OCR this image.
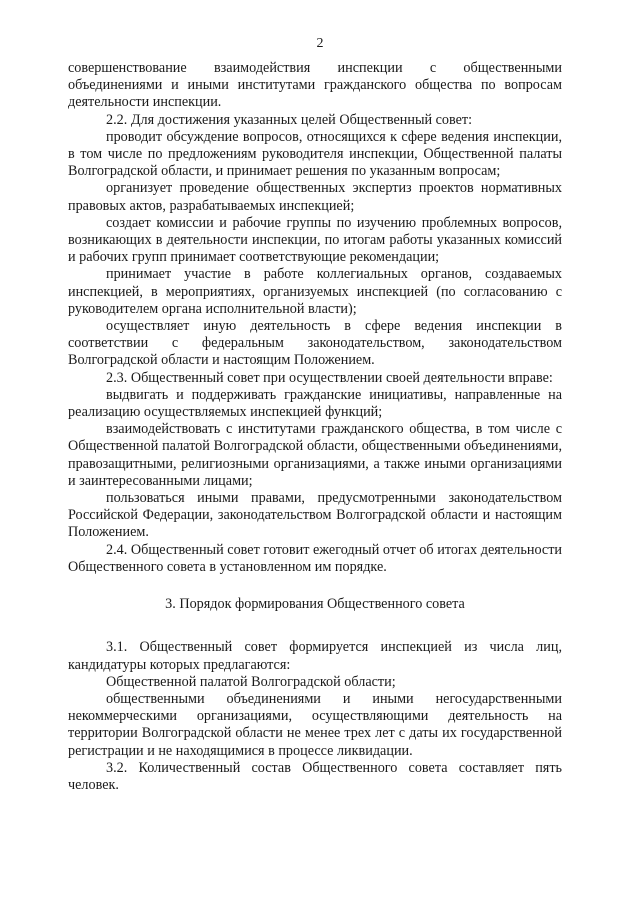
2

совершенствование взаимодействия инспекции с общественными объединениями и иными институтами гражданского общества по вопросам деятельности инспекции.

2.2. Для достижения указанных целей Общественный совет:

проводит обсуждение вопросов, относящихся к сфере ведения инспекции, в том числе по предложениям руководителя инспекции, Общественной палаты Волгоградской области, и принимает решения по указанным вопросам;

организует проведение общественных экспертиз проектов нормативных правовых актов, разрабатываемых инспекцией;

создает комиссии и рабочие группы по изучению проблемных вопросов, возникающих в деятельности инспекции, по итогам работы указанных комиссий и рабочих групп принимает соответствующие рекомендации;

принимает участие в работе коллегиальных органов, создаваемых инспекцией, в мероприятиях, организуемых инспекцией (по согласованию с руководителем органа исполнительной власти);

осуществляет иную деятельность в сфере ведения инспекции в соответствии с федеральным законодательством, законодательством Волгоградской области и настоящим Положением.

2.3. Общественный совет при осуществлении своей деятельности вправе:

выдвигать и поддерживать гражданские инициативы, направленные на реализацию осуществляемых инспекцией функций;

взаимодействовать с институтами гражданского общества, в том числе с Общественной палатой Волгоградской области, общественными объединениями, правозащитными, религиозными организациями, а также иными организациями и заинтересованными лицами;

пользоваться иными правами, предусмотренными законодательством Российской Федерации, законодательством Волгоградской области и настоящим Положением.

2.4. Общественный совет готовит ежегодный отчет об итогах деятельности Общественного совета в установленном им порядке.

3. Порядок формирования Общественного совета

3.1. Общественный совет формируется инспекцией из числа лиц, кандидатуры которых предлагаются:

Общественной палатой Волгоградской области;

общественными объединениями и иными негосударственными некоммерческими организациями, осуществляющими деятельность на территории Волгоградской области не менее трех лет с даты их государственной регистрации и не находящимися в процессе ликвидации.

3.2. Количественный состав Общественного совета составляет пять человек.
